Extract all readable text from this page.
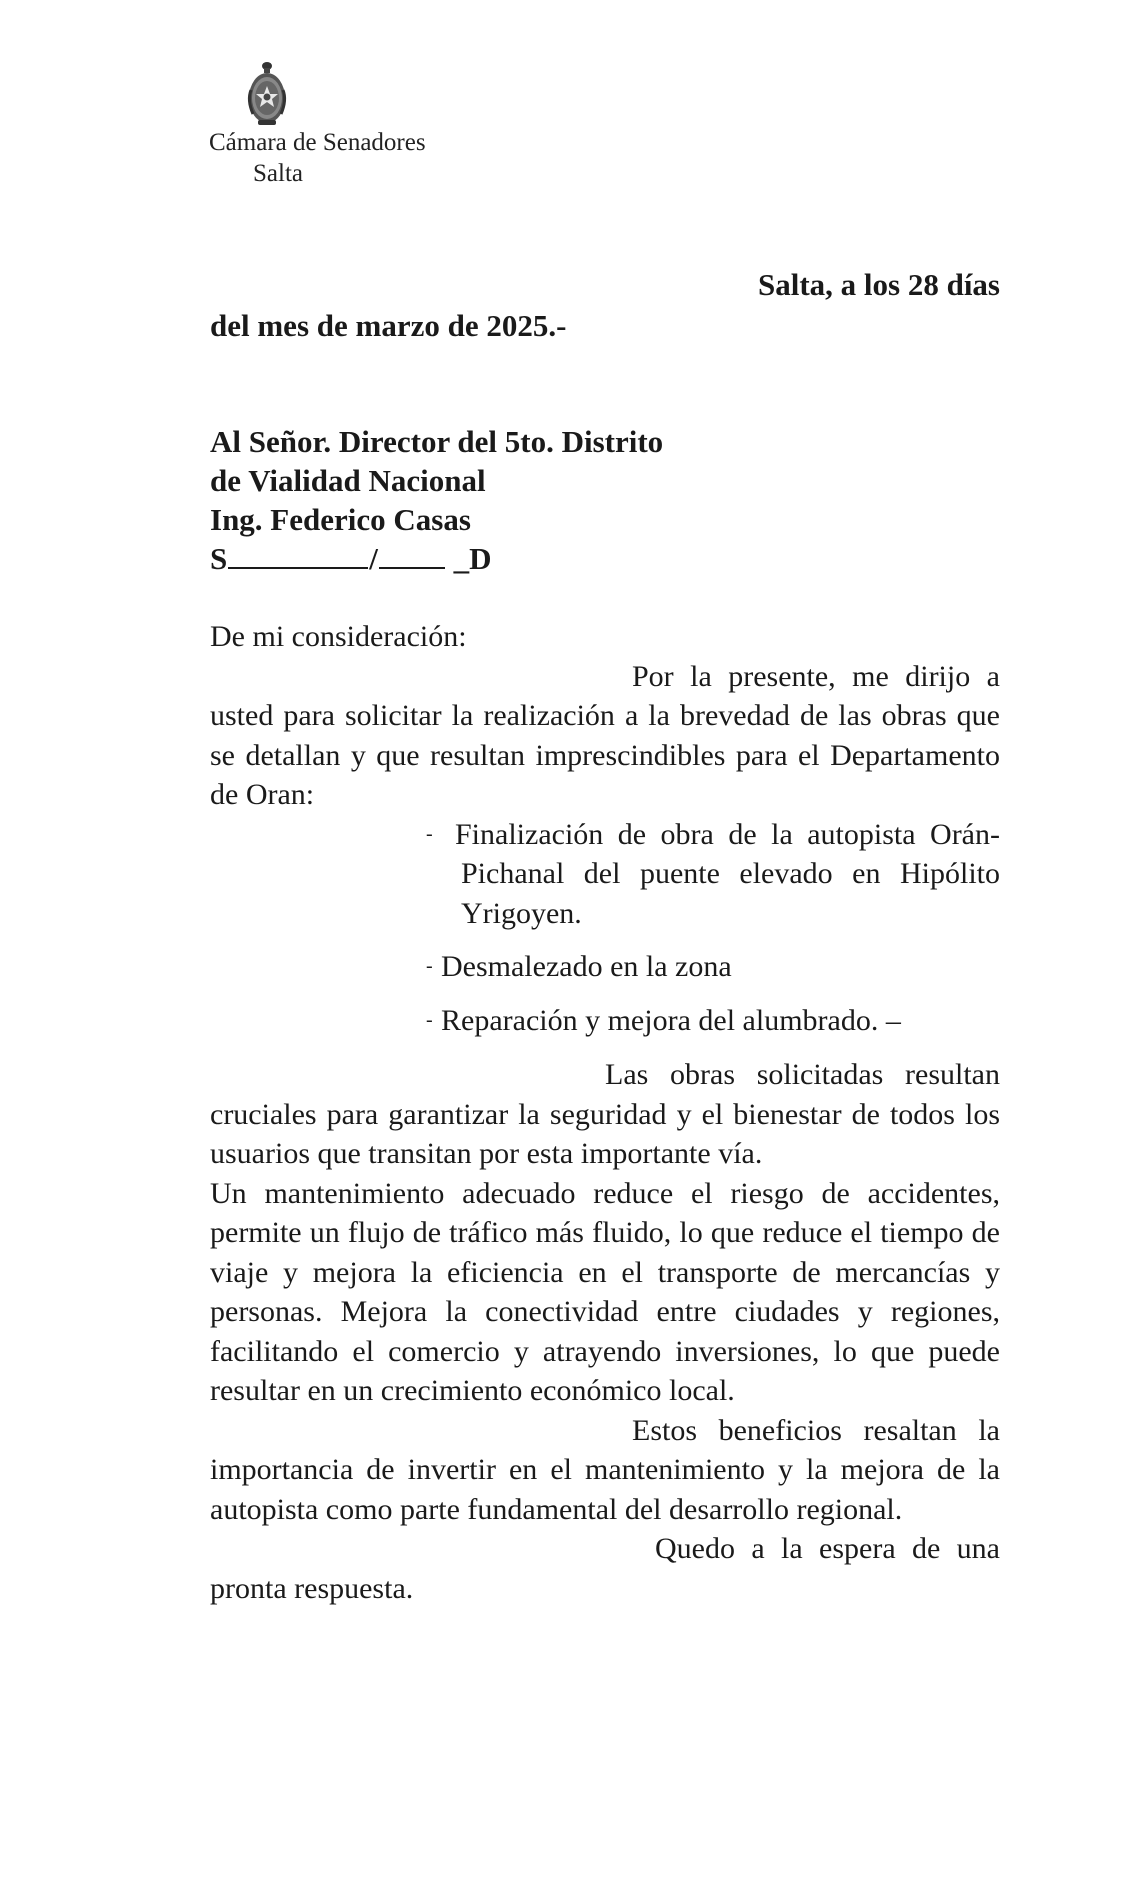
Cámara de Senadores
Salta
Salta, a los 28 días
del mes de marzo de 2025.-
Al Señor. Director del 5to. Distrito
de Vialidad Nacional
Ing. Federico Casas
S	/ _D

De mi consideración:

Por la presente, me dirijo a usted para solicitar la realización a la brevedad de las obras que se detallan y que resultan imprescindibles para el Departamento de Oran:

- Finalización de obra de la autopista Orán-Pichanal del puente elevado en Hipólito Yrigoyen.
- Desmalezado en la zona
- Reparación y mejora del alumbrado. –

Las obras solicitadas resultan cruciales para garantizar la seguridad y el bienestar de todos los usuarios que transitan por esta importante vía.

Un mantenimiento adecuado reduce el riesgo de accidentes, permite un flujo de tráfico más fluido, lo que reduce el tiempo de viaje y mejora la eficiencia en el transporte de mercancías y personas. Mejora la conectividad entre ciudades y regiones, facilitando el comercio y atrayendo inversiones, lo que puede resultar en un crecimiento económico local.

Estos beneficios resaltan la importancia de invertir en el mantenimiento y la mejora de la autopista como parte fundamental del desarrollo regional.

Quedo a la espera de una pronta respuesta.
